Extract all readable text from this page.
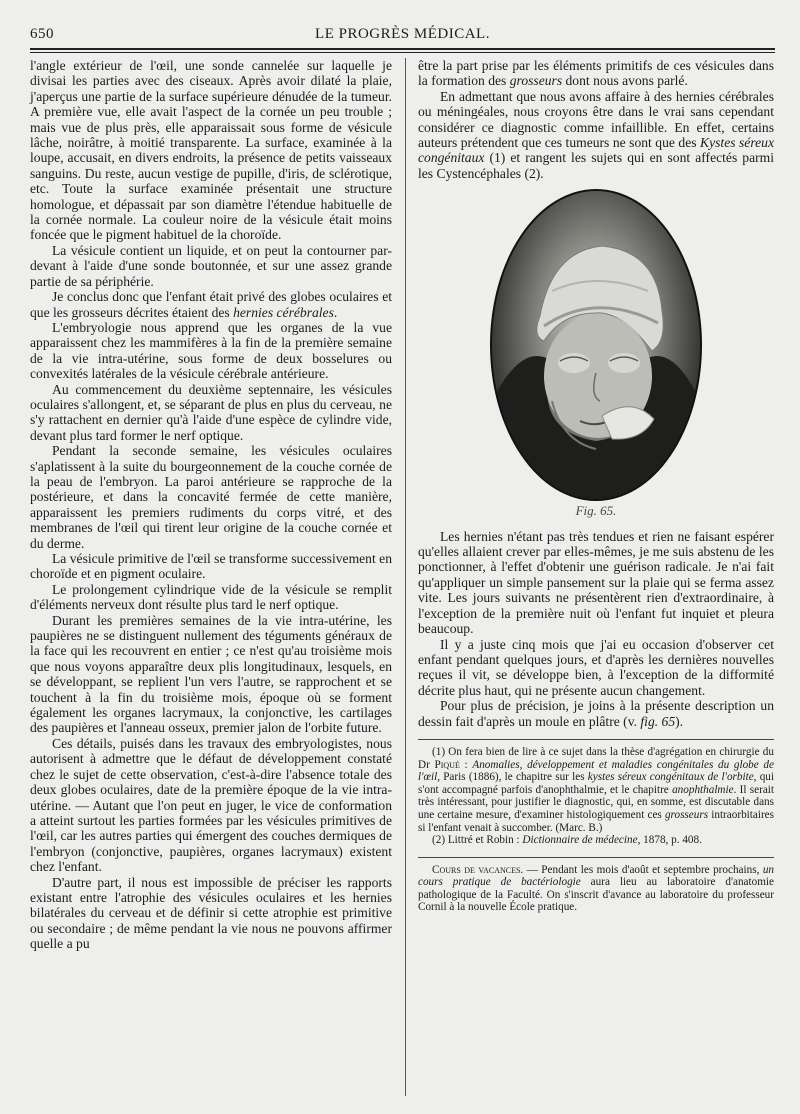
650	LE PROGRÈS MÉDICAL.

l'angle extérieur de l'œil, une sonde cannelée sur laquelle je divisai les parties avec des ciseaux. Après avoir dilaté la plaie, j'aperçus une partie de la surface supérieure dénudée de la tumeur. A première vue, elle avait l'aspect de la cornée un peu trouble ; mais vue de plus près, elle apparaissait sous forme de vésicule lâche, noirâtre, à moitié transparente. La surface, examinée à la loupe, accusait, en divers endroits, la présence de petits vaisseaux sanguins. Du reste, aucun vestige de pupille, d'iris, de sclérotique, etc. Toute la surface examinée présentait une structure homologue, et dépassait par son diamètre l'étendue habituelle de la cornée normale. La couleur noire de la vésicule était moins foncée que le pigment habituel de la choroïde.

La vésicule contient un liquide, et on peut la contourner par-devant à l'aide d'une sonde boutonnée, et sur une assez grande partie de sa périphérie.

Je conclus donc que l'enfant était privé des globes oculaires et que les grosseurs décrites étaient des hernies cérébrales.

L'embryologie nous apprend que les organes de la vue apparaissent chez les mammifères à la fin de la première semaine de la vie intra-utérine, sous forme de deux bosselures ou convexités latérales de la vésicule cérébrale antérieure.

Au commencement du deuxième septennaire, les vésicules oculaires s'allongent, et, se séparant de plus en plus du cerveau, ne s'y rattachent en dernier qu'à l'aide d'une espèce de cylindre vide, devant plus tard former le nerf optique.

Pendant la seconde semaine, les vésicules oculaires s'aplatissent à la suite du bourgeonnement de la couche cornée de la peau de l'embryon. La paroi antérieure se rapproche de la postérieure, et dans la concavité fermée de cette manière, apparaissent les premiers rudiments du corps vitré, et des membranes de l'œil qui tirent leur origine de la couche cornée et du derme.

La vésicule primitive de l'œil se transforme successivement en choroïde et en pigment oculaire.

Le prolongement cylindrique vide de la vésicule se remplit d'éléments nerveux dont résulte plus tard le nerf optique.

Durant les premières semaines de la vie intra-utérine, les paupières ne se distinguent nullement des téguments généraux de la face qui les recouvrent en entier ; ce n'est qu'au troisième mois que nous voyons apparaître deux plis longitudinaux, lesquels, en se développant, se replient l'un vers l'autre, se rapprochent et se touchent à la fin du troisième mois, époque où se forment également les organes lacrymaux, la conjonctive, les cartilages des paupières et l'anneau osseux, premier jalon de l'orbite future.

Ces détails, puisés dans les travaux des embryologistes, nous autorisent à admettre que le défaut de développement constaté chez le sujet de cette observation, c'est-à-dire l'absence totale des deux globes oculaires, date de la première époque de la vie intra-utérine. — Autant que l'on peut en juger, le vice de conformation a atteint surtout les parties formées par les vésicules primitives de l'œil, car les autres parties qui émergent des couches dermiques de l'embryon (conjonctive, paupières, organes lacrymaux) existent chez l'enfant.

D'autre part, il nous est impossible de préciser les rapports existant entre l'atrophie des vésicules oculaires et les hernies bilatérales du cerveau et de définir si cette atrophie est primitive ou secondaire ; de même pendant la vie nous ne pouvons affirmer quelle a pu

être la part prise par les éléments primitifs de ces vésicules dans la formation des grosseurs dont nous avons parlé.

En admettant que nous avons affaire à des hernies cérébrales ou méningéales, nous croyons être dans le vrai sans cependant considérer ce diagnostic comme infaillible. En effet, certains auteurs prétendent que ces tumeurs ne sont que des Kystes séreux congénitaux (1) et rangent les sujets qui en sont affectés parmi les Cystencéphales (2).

Fig. 65.

Les hernies n'étant pas très tendues et rien ne faisant espérer qu'elles allaient crever par elles-mêmes, je me suis abstenu de les ponctionner, à l'effet d'obtenir une guérison radicale. Je n'ai fait qu'appliquer un simple pansement sur la plaie qui se ferma assez vite. Les jours suivants ne présentèrent rien d'extraordinaire, à l'exception de la première nuit où l'enfant fut inquiet et pleura beaucoup.

Il y a juste cinq mois que j'ai eu occasion d'observer cet enfant pendant quelques jours, et d'après les dernières nouvelles reçues il vit, se développe bien, à l'exception de la difformité décrite plus haut, qui ne présente aucun changement.

Pour plus de précision, je joins à la présente description un dessin fait d'après un moule en plâtre (v. fig. 65).

(1) On fera bien de lire à ce sujet dans la thèse d'agrégation en chirurgie du Dr Piqué : Anomalies, développement et maladies congénitales du globe de l'œil, Paris (1886), le chapitre sur les kystes séreux congénitaux de l'orbite, qui s'ont accompagné parfois d'anophthalmie, et le chapitre anophthalmie. Il serait très intéressant, pour justifier le diagnostic, qui, en somme, est discutable dans une certaine mesure, d'examiner histologiquement ces grosseurs intraorbitaires si l'enfant venait à succomber. (Marc. B.)

(2) Littré et Robin : Dictionnaire de médecine, 1878, p. 408.

Cours de vacances. — Pendant les mois d'août et septembre prochains, un cours pratique de bactériologie aura lieu au laboratoire d'anatomie pathologique de la Faculté. On s'inscrit d'avance au laboratoire du professeur Cornil à la nouvelle École pratique.
